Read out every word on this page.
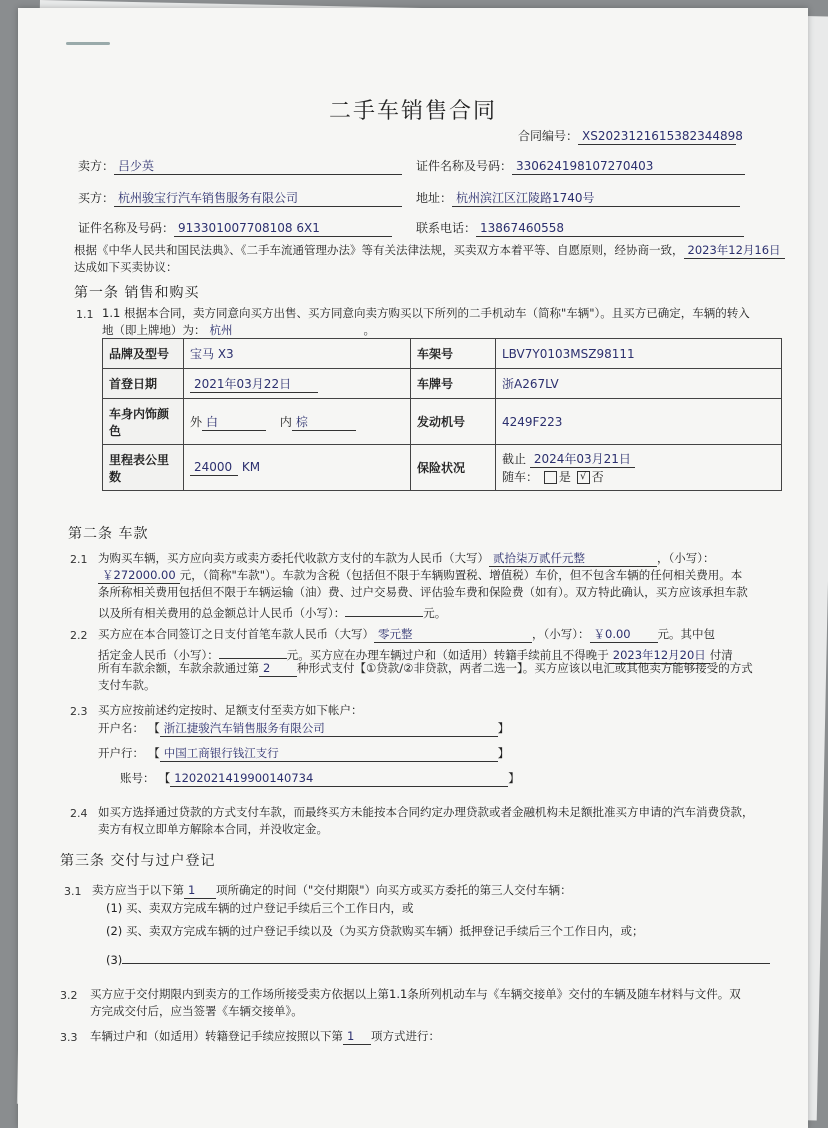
二手车销售合同
合同编号： XS2023121615382344898
卖方： 吕少英	证件名称及号码： 330624198107270403
买方： 杭州骏宝行汽车销售服务有限公司	地址： 杭州滨江区江陵路1740号
证件名称及号码： 913301007708108 6X1	联系电话： 13867460558
根据《中华人民共和国民法典》、《二手车流通管理办法》等有关法律法规，买卖双方本着平等、自愿原则，经协商一致， 2023年12月16日
达成如下买卖协议：
第一条 销售和购买
1.1 1.1 根据本合同，卖方同意向买方出售、买方同意向卖方购买以下所列的二手机动车（简称"车辆"）。且买方已确定，车辆的转入
地（即上牌地）为： 杭州	。
品牌及型号	宝马 X3	车架号	LBV7Y0103MSZ98111
首登日期	2021年03月22日	车牌号	浙A267LV
车身内饰颜色	外 白 内 棕	发动机号	4249F223
里程表公里数	24000 KM	保险状况	截止 2024年03月21日
随车： 是 √ 否
第二条 车款
2.1 为购买车辆，买方应向卖方或卖方委托代收款方支付的车款为人民币（大写） 贰拾柒万贰仟元整	，（小写）：
￥272000.00 元，（简称"车款"）。车款为含税（包括但不限于车辆购置税、增值税）车价，但不包含车辆的任何相关费用。本
条所称相关费用包括但不限于车辆运输（油）费、过户交易费、评估验车费和保险费（如有）。双方特此确认，买方应该承担车款
以及所有相关费用的总金额总计人民币（小写）：	元。
2.2 买方应在本合同签订之日支付首笔车款人民币（大写） 零元整	，（小写）： ￥0.00 元。其中包
括定金人民币（小写）：	元。买方应在办理车辆过户和（如适用）转籍手续前且不得晚于 2023年12月20日 付清
所有车款余额，车款余款通过第 2 种形式支付【①贷款/②非贷款，两者二选一】。买方应该以电汇或其他卖方能够接受的方式
支付车款。
2.3 买方应按前述约定按时、足额支付至卖方如下帐户：
开户名： 【 浙江捷骏汽车销售服务有限公司	】
开户行： 【 中国工商银行钱江支行	】
账号： 【 1202021419900140734	】
2.4 如买方选择通过贷款的方式支付车款，而最终买方未能按本合同约定办理贷款或者金融机构未足额批准买方申请的汽车消费贷款，
卖方有权立即单方解除本合同，并没收定金。
第三条 交付与过户登记
3.1 卖方应当于以下第 1 项所确定的时间（"交付期限"）向买方或买方委托的第三人交付车辆：
(1) 买、卖双方完成车辆的过户登记手续后三个工作日内，或
(2) 买、卖双方完成车辆的过户登记手续以及（为买方贷款购买车辆）抵押登记手续后三个工作日内，或；
(3)
3.2 买方应于交付期限内到卖方的工作场所接受卖方依据以上第1.1条所列机动车与《车辆交接单》交付的车辆及随车材料与文件。双
方完成交付后，应当签署《车辆交接单》。
3.3 车辆过户和（如适用）转籍登记手续应按照以下第 1 项方式进行：
